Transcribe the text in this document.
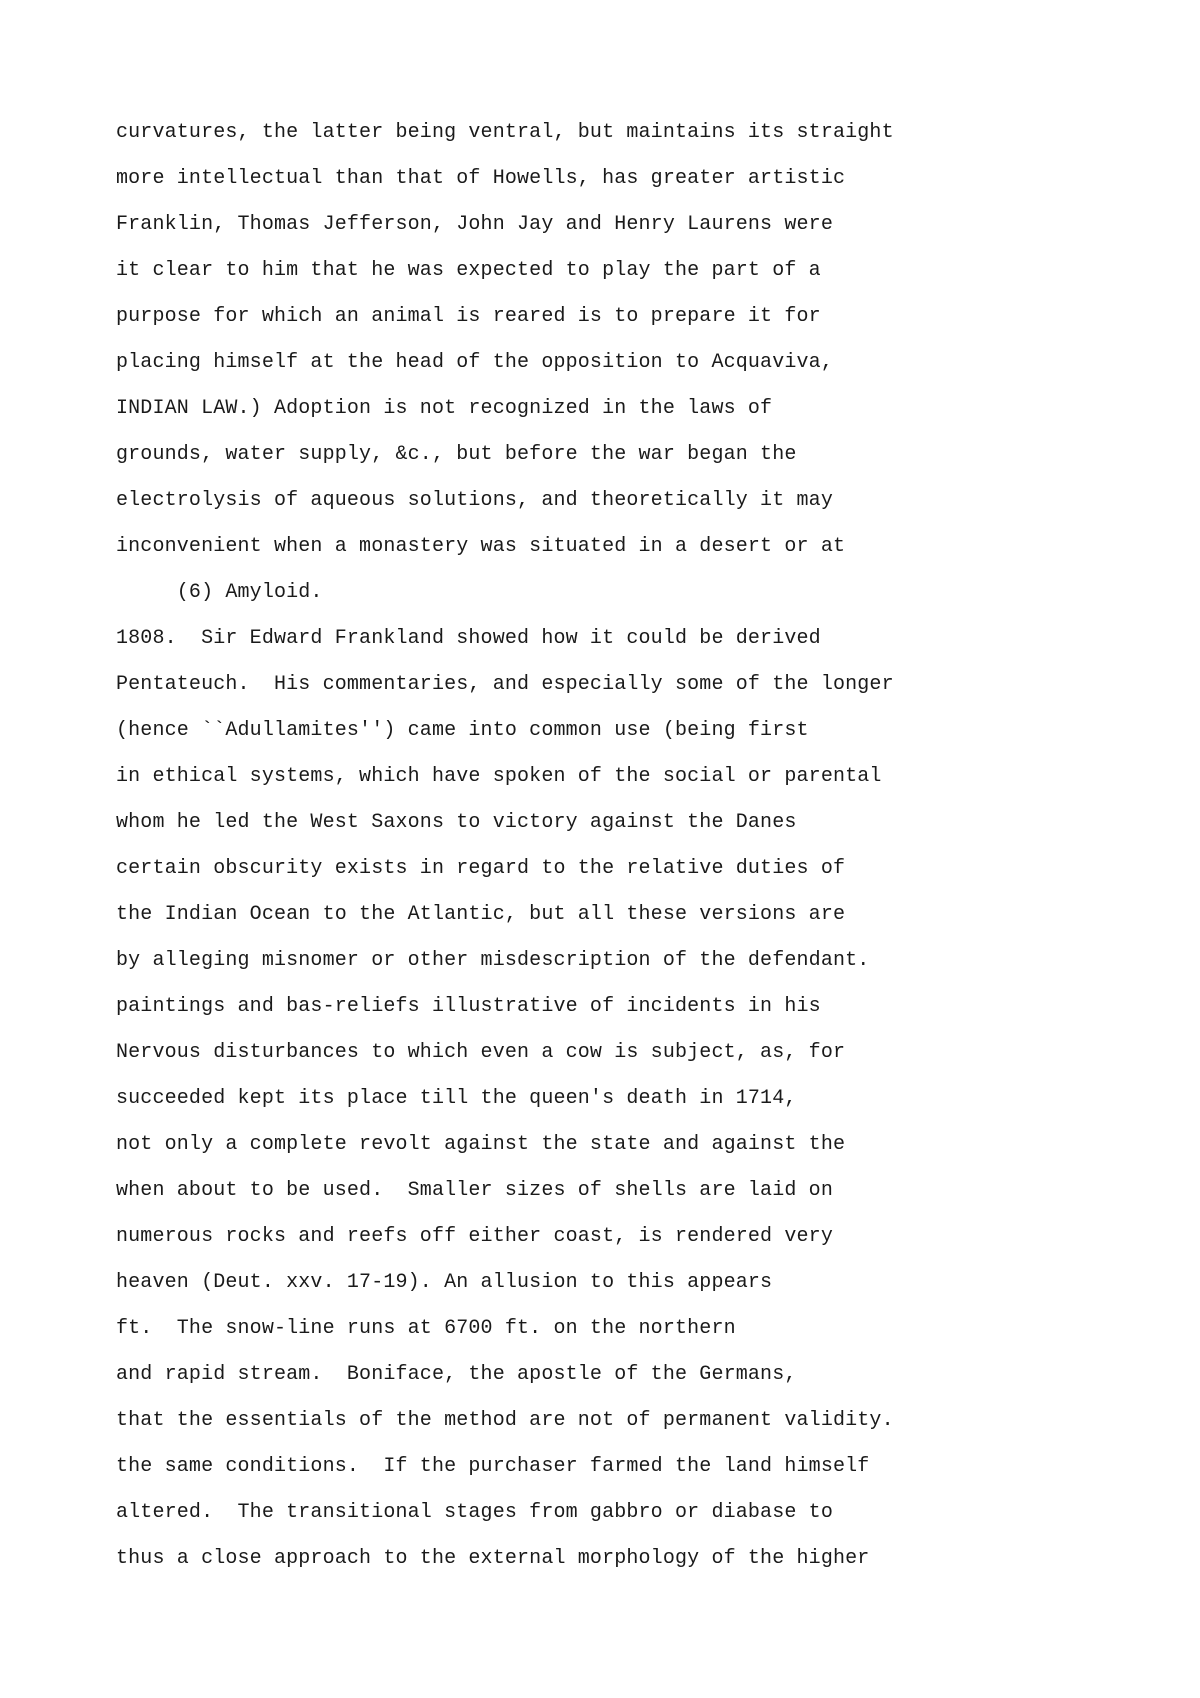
curvatures, the latter being ventral, but maintains its straight
more intellectual than that of Howells, has greater artistic
Franklin, Thomas Jefferson, John Jay and Henry Laurens were
it clear to him that he was expected to play the part of a
purpose for which an animal is reared is to prepare it for
placing himself at the head of the opposition to Acquaviva,
INDIAN LAW.) Adoption is not recognized in the laws of
grounds, water supply, &c., but before the war began the
electrolysis of aqueous solutions, and theoretically it may
inconvenient when a monastery was situated in a desert or at
(6) Amyloid.
1808.  Sir Edward Frankland showed how it could be derived
Pentateuch.  His commentaries, and especially some of the longer
(hence ``Adullamites'') came into common use (being first
in ethical systems, which have spoken of the social or parental
whom he led the West Saxons to victory against the Danes
certain obscurity exists in regard to the relative duties of
the Indian Ocean to the Atlantic, but all these versions are
by alleging misnomer or other misdescription of the defendant.
paintings and bas-reliefs illustrative of incidents in his
Nervous disturbances to which even a cow is subject, as, for
succeeded kept its place till the queen's death in 1714,
not only a complete revolt against the state and against the
when about to be used.  Smaller sizes of shells are laid on
numerous rocks and reefs off either coast, is rendered very
heaven (Deut. xxv. 17-19). An allusion to this appears
ft.  The snow-line runs at 6700 ft. on the northern
and rapid stream.  Boniface, the apostle of the Germans,
that the essentials of the method are not of permanent validity.
the same conditions.  If the purchaser farmed the land himself
altered.  The transitional stages from gabbro or diabase to
thus a close approach to the external morphology of the higher
